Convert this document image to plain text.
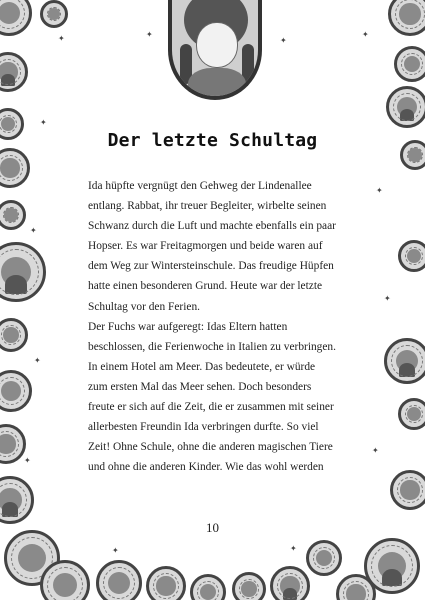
✦
✦
✦
✦
✦
✦
✦
✦
✦
✦
✦
✦	✦
Der letzte Schultag
Ida hüpfte vergnügt den Gehweg der Lindenallee
entlang. Rabbat, ihr treuer Begleiter, wirbelte seinen
Schwanz durch die Luft und machte ebenfalls ein paar
Hopser. Es war Freitagmorgen und beide waren auf
dem Weg zur Wintersteinschule. Das freudige Hüpfen
hatte einen besonderen Grund. Heute war der letzte
Schultag vor den Ferien.
Der Fuchs war aufgeregt: Idas Eltern hatten
beschlossen, die Ferienwoche in Italien zu verbringen.
In einem Hotel am Meer. Das bedeutete, er würde
zum ersten Mal das Meer sehen. Doch besonders
freute er sich auf die Zeit, die er zusammen mit seiner
allerbesten Freundin Ida verbringen durfte. So viel
Zeit! Ohne Schule, ohne die anderen magischen Tiere
und ohne die anderen Kinder. Wie das wohl werden
10
